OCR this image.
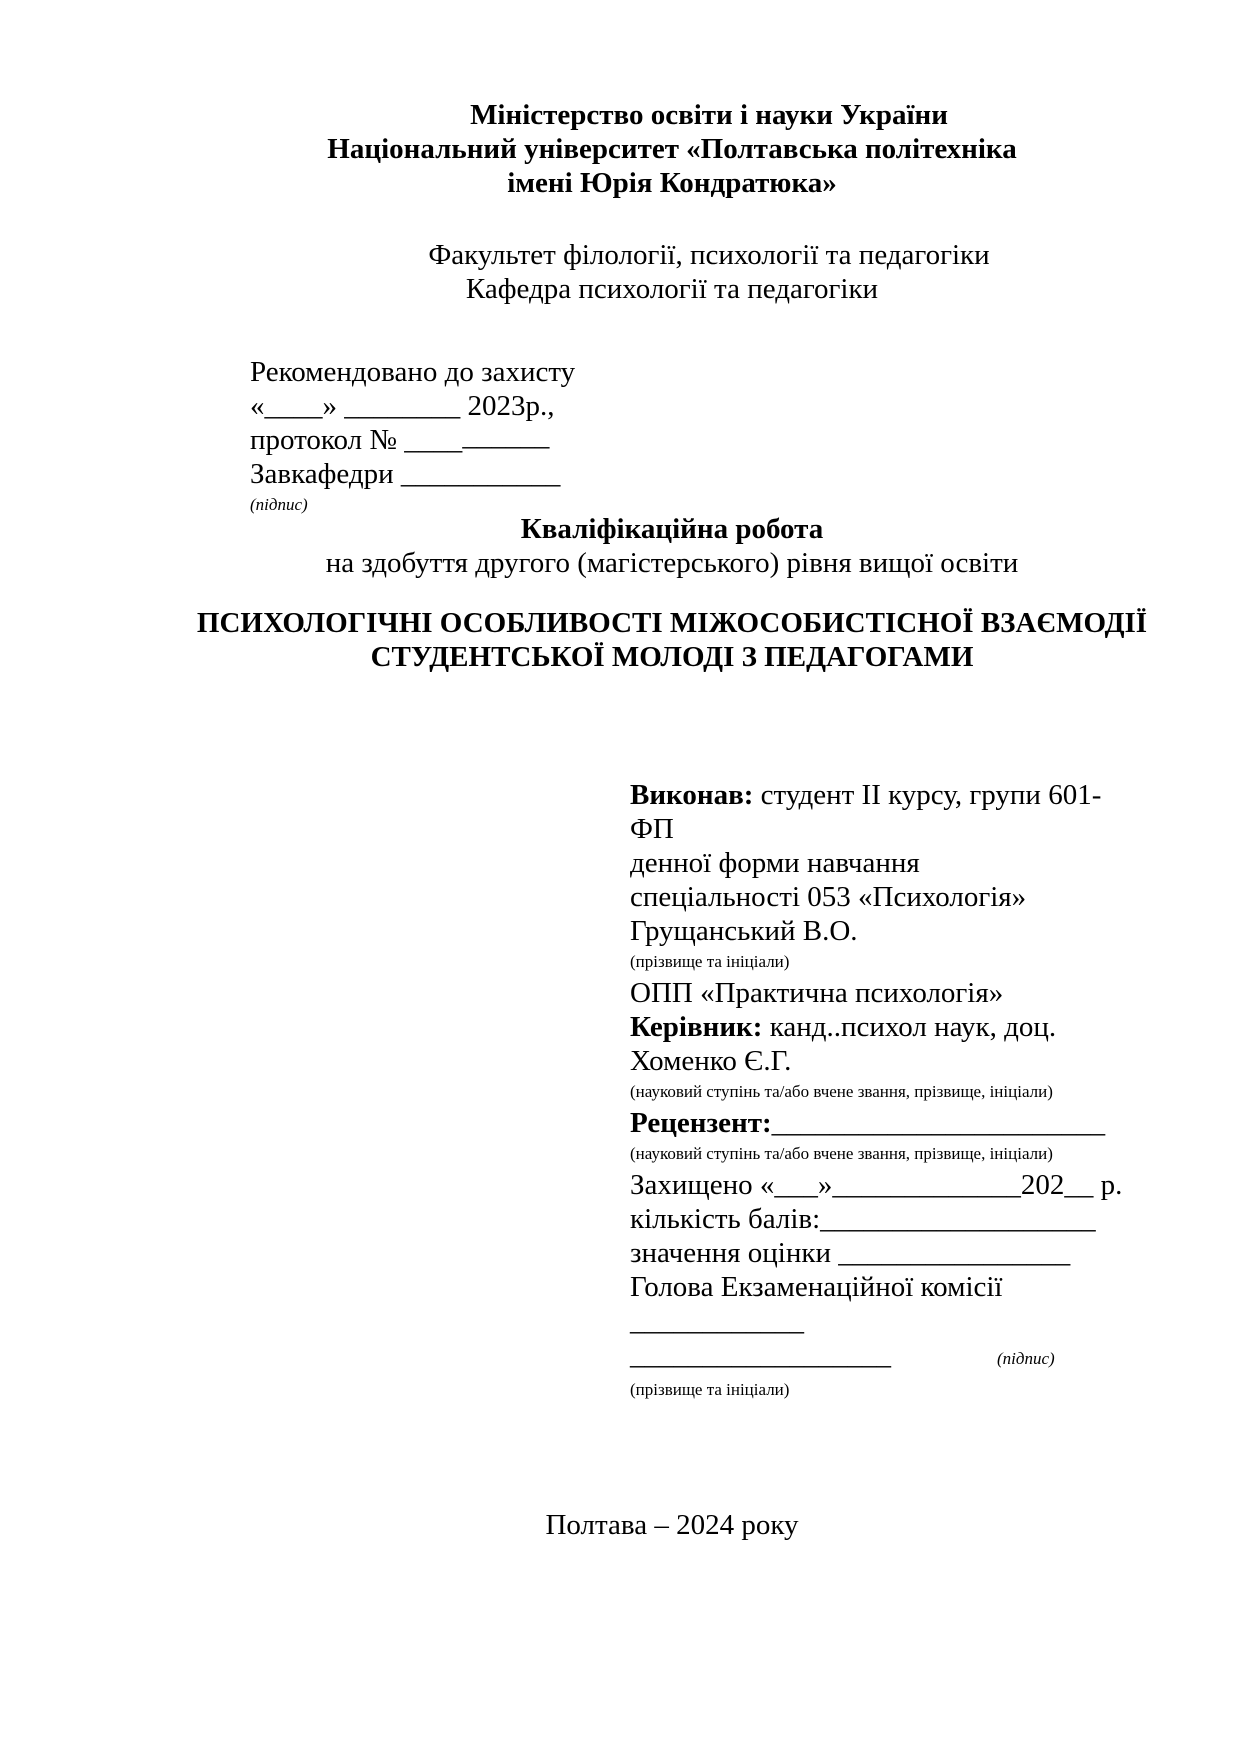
Міністерство освіти і науки України

Національний університет «Полтавська політехніка

імені Юрія Кондратюка»

Факультет філології, психології та педагогіки

Кафедра психології та педагогіки

Рекомендовано до захисту

«____» ________ 2023р.,

протокол № __________

Завкафедри ___________

(підпис)

Кваліфікаційна робота

на здобуття другого (магістерського) рівня вищої освіти

ПСИХОЛОГІЧНІ ОСОБЛИВОСТІ МІЖОСОБИСТІСНОЇ ВЗАЄМОДІЇ

СТУДЕНТСЬКОЇ МОЛОДІ З ПЕДАГОГАМИ

Виконав: студент ІІ курсу, групи 601-

ФП

денної форми навчання

спеціальності 053 «Психологія»

Грущанський В.О.

(прізвище та ініціали)

ОПП «Практична психологія»

Керівник: канд..психол наук, доц.

Хоменко Є.Г.

(науковий ступінь та/або вчене звання, прізвище, ініціали)

Рецензент:_______________________

(науковий ступінь та/або вчене звання, прізвище, ініціали)

Захищено «___»_____________202__ р.

кількість балів:___________________

значення оцінки ________________

Голова Екзаменаційної комісії ____________

__________________	(підпис)

(прізвище та ініціали)

Полтава – 2024 року
